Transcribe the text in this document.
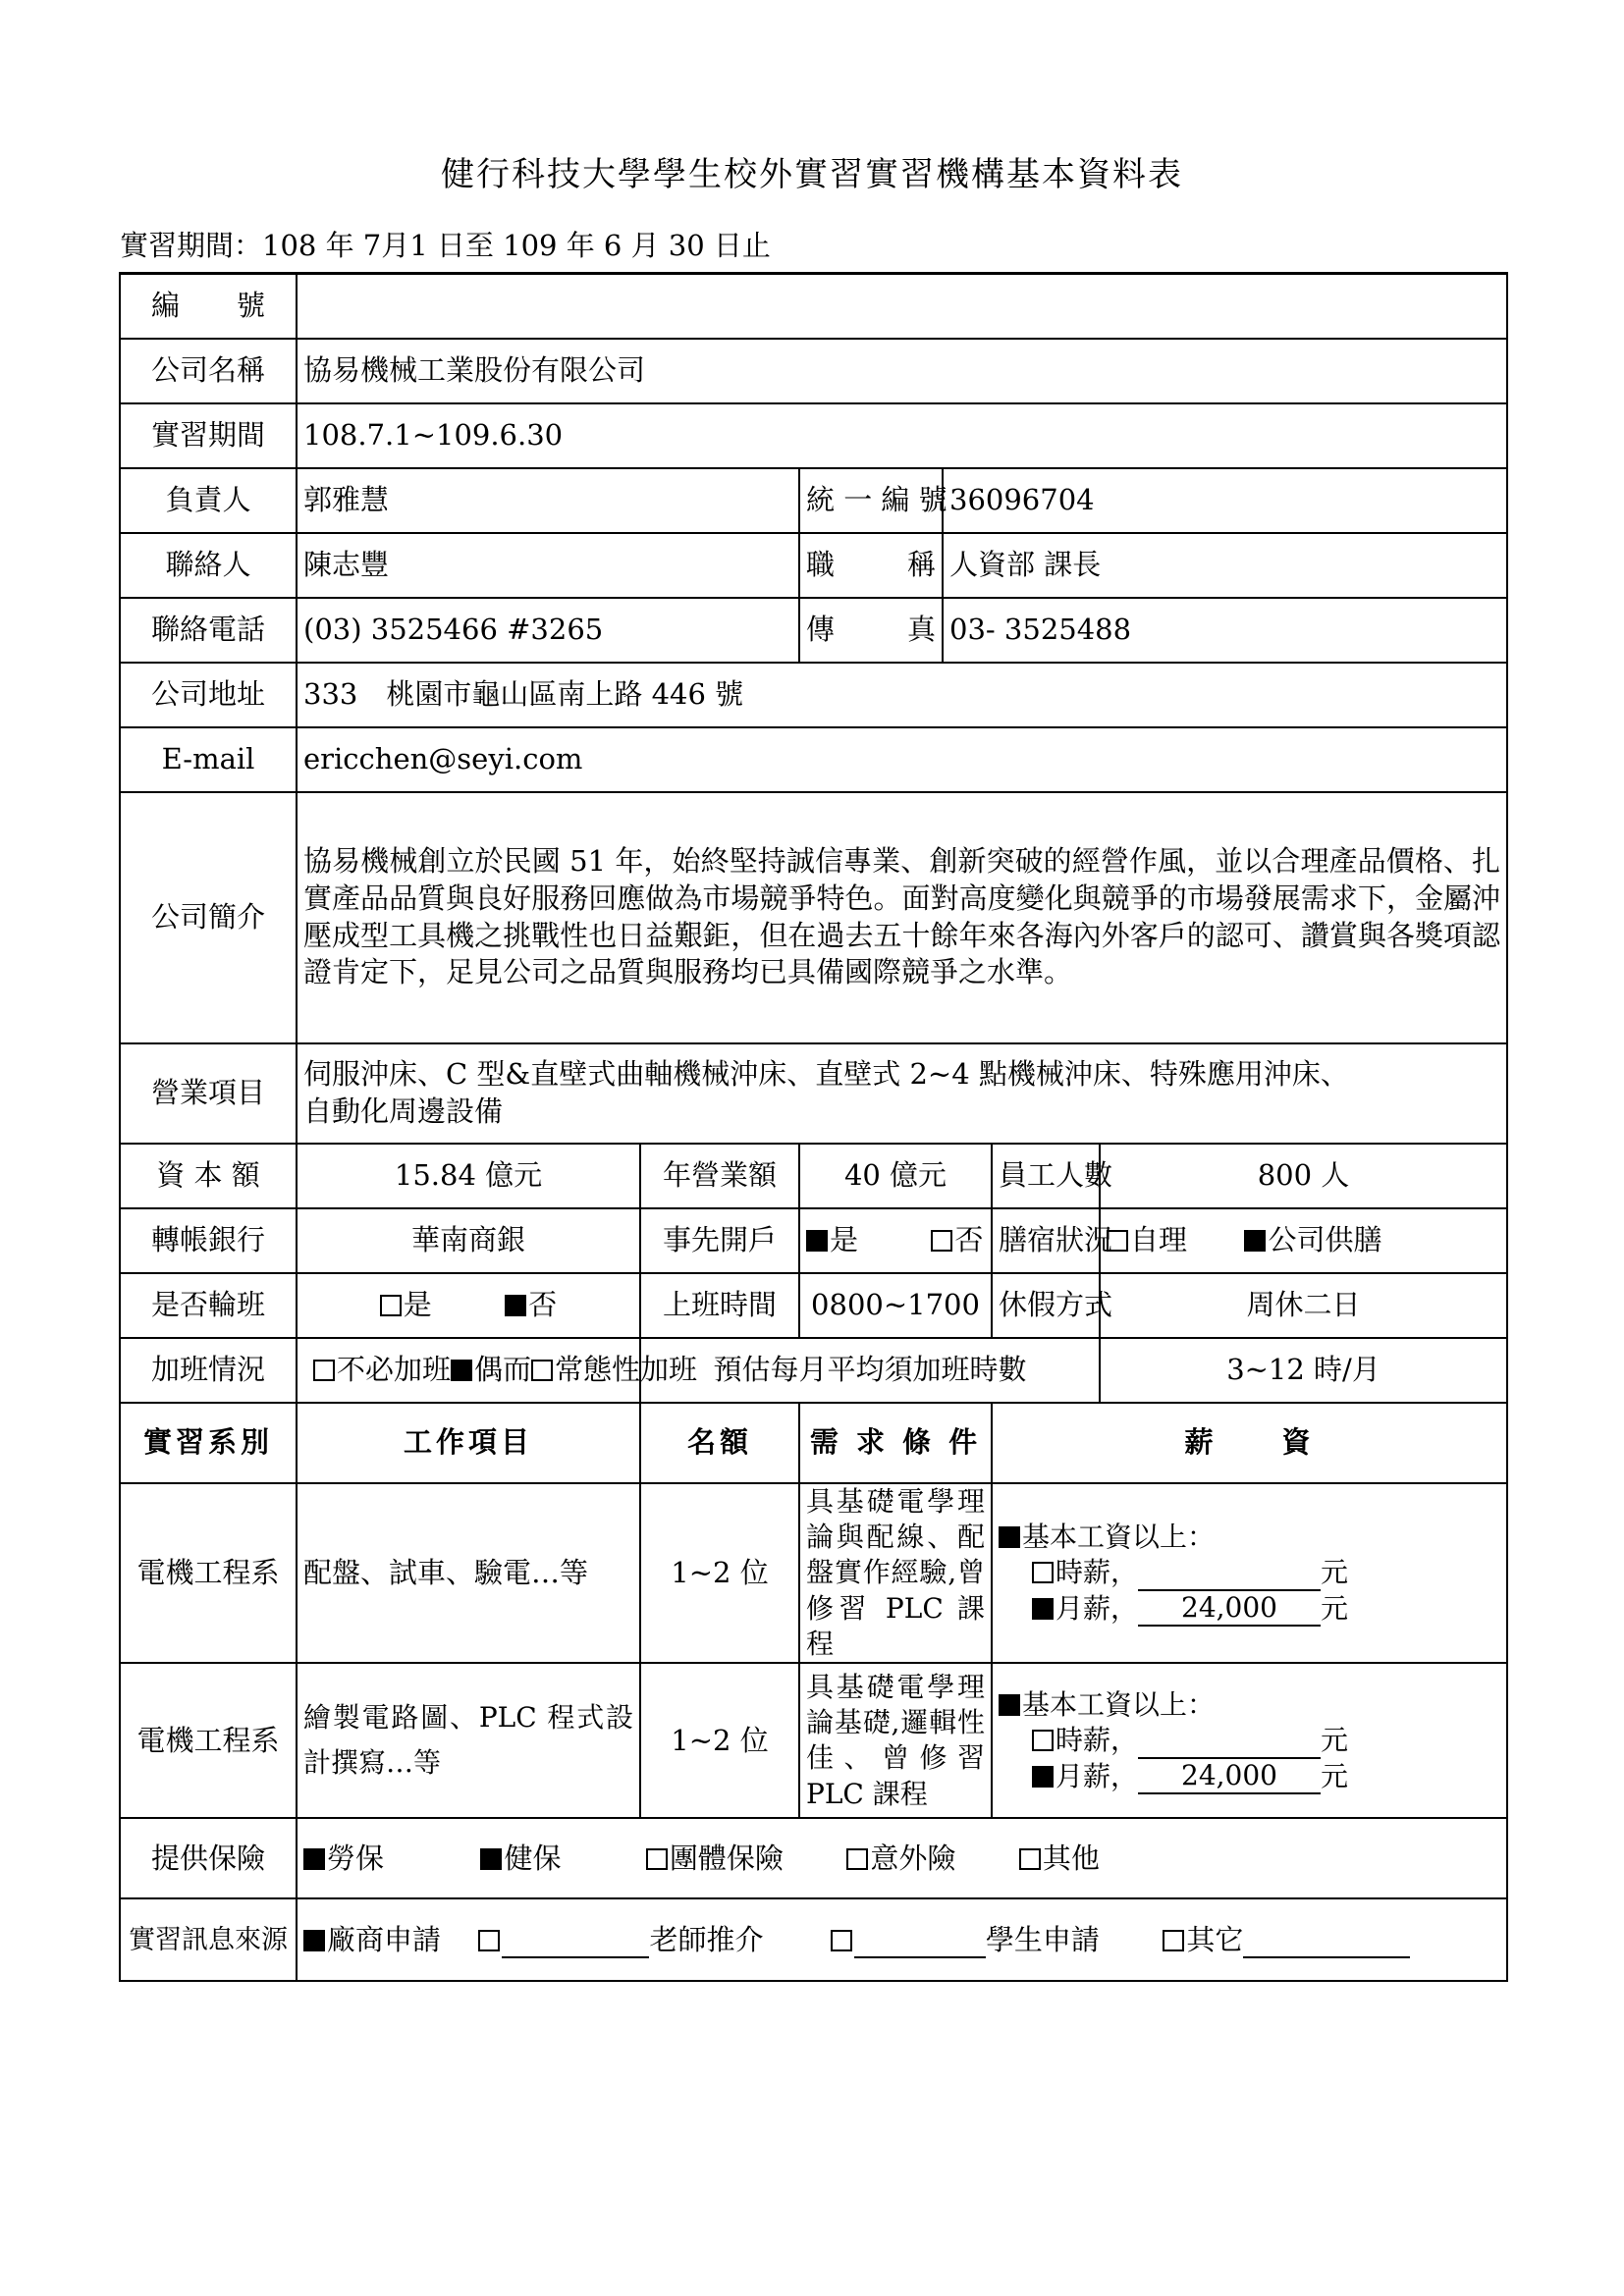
健行科技大學學生校外實習實習機構基本資料表
實習期間：108 年 7月1 日至 109 年 6 月 30 日止
編　　號						
公司名稱	協易機械工業股份有限公司					
實習期間	108.7.1~109.6.30					
負責人	郭雅慧		統 一 編 號	36096704		
聯絡人	陳志豐		職稱	人資部 課長		
聯絡電話	(03) 3525466 #3265		傳真	03- 3525488		
公司地址	333　桃園市龜山區南上路 446 號					
E-mail	ericchen@seyi.com					
公司簡介	協易機械創立於民國 51 年，始終堅持誠信專業、創新突破的經營作風，並以合理產品價格、扎實產品品質與良好服務回應做為市場競爭特色。面對高度變化與競爭的市場發展需求下，金屬沖壓成型工具機之挑戰性也日益艱鉅，但在過去五十餘年來各海內外客戶的認可、讚賞與各獎項認證肯定下，足見公司之品質與服務均已具備國際競爭之水準。					
營業項目	伺服沖床、C 型&直壁式曲軸機械沖床、直壁式 2~4 點機械沖床、特殊應用沖床、
自動化周邊設備					

資 本 額	15.84 億元	年營業額	40 億元		員工人數	800 人
轉帳銀行	華南商銀	事先開戶	是 否		膳宿狀況	自理 公司供膳
是否輪班	是 否	上班時間	0800~1700		休假方式	周休二日
加班情況	不必加班 偶而 常態性加班	預估每月平均須加班時數				3~12 時/月
實習系別	工作項目	名額	需 求 條 件		薪　　資	
電機工程系	配盤、試車、驗電…等	1~2 位	具基礎電學理論與配線、配盤實作經驗,曾修習 PLC 課程		基本工資以上：
時薪， 元
月薪， 24,000 元	

電機工程系	繪製電路圖、PLC 程式設計撰寫…等	1~2 位	具基礎電學理論基礎,邏輯性佳、曾修習 PLC 課程		基本工資以上：
時薪， 元
月薪， 24,000 元	

提供保險	勞保 健保 團體保險 意外險 其他					
實習訊息來源	廠商申請 老師推介 學生申請 其它					
